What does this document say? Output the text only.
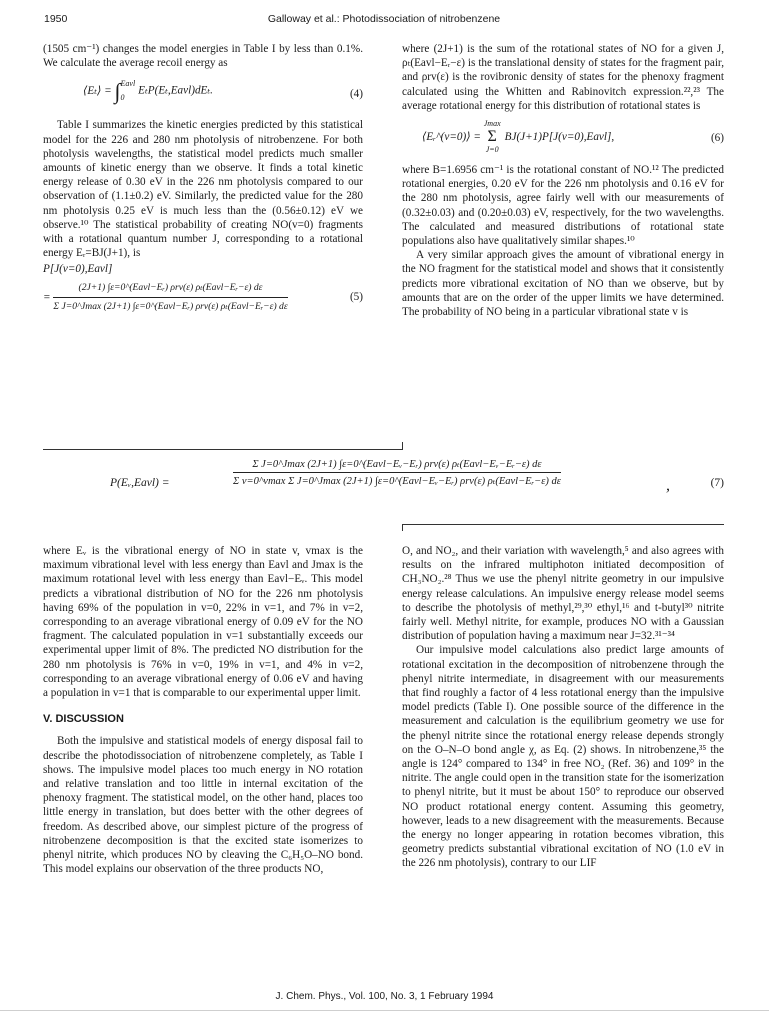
1950	Galloway et al.: Photodissociation of nitrobenzene

(1505 cm⁻¹) changes the model energies in Table I by less than 0.1%. We calculate the average recoil energy as

⟨Eₜ⟩ = ∫ Eavl
0
EₜP(Eₜ,Eavl)dEₜ.	(4)

Table I summarizes the kinetic energies predicted by this statistical model for the 226 and 280 nm photolysis of nitrobenzene. For both photolysis wavelengths, the statistical model predicts much smaller amounts of kinetic energy than we observe. It finds a total kinetic energy release of 0.30 eV in the 226 nm photolysis compared to our observation of (1.1±0.2) eV. Similarly, the predicted value for the 280 nm photolysis 0.25 eV is much less than the (0.56±0.12) eV we observe.¹⁰ The statistical probability of creating NO(v=0) fragments with a rotational quantum number J, corresponding to a rotational energy Eᵣ=BJ(J+1), is

P[J(v=0),Eavl]
= $\frac{\text{(2J+1) ∫ε=0\textasciicircum{}(Eavl−Eᵣ) ρrv(ε) ρₜ(Eavl−Eᵣ−ε) dε}}{\text{Σ J=0\textasciicircum{}Jmax (2J+1) ∫ε=0\textasciicircum{}(Eavl−Eᵣ) ρrv(ε) ρₜ(Eavl−Eᵣ−ε) dε}}$	(5)

where (2J+1) is the sum of the rotational states of NO for a given J, ρₜ(Eavl−Eᵣ−ε) is the translational density of states for the fragment pair, and ρrv(ε) is the rovibronic density of states for the phenoxy fragment calculated using the Whitten and Rabinovitch expression.²²,²³ The average rotational energy for this distribution of rotational states is

⟨Eᵣ^(v=0)⟩ =
Jmax
Σ
J=0
BJ(J+1)P[J(v=0),Eavl],	(6)

where B=1.6956 cm⁻¹ is the rotational constant of NO.¹² The predicted rotational energies, 0.20 eV for the 226 nm photolysis and 0.16 eV for the 280 nm photolysis, agree fairly well with our measurements of (0.32±0.03) and (0.20±0.03) eV, respectively, for the two wavelengths. The calculated and measured distributions of rotational state populations also have qualitatively similar shapes.¹⁰

A very similar approach gives the amount of vibrational energy in the NO fragment for the statistical model and shows that it consistently predicts more vibrational excitation of NO than we observe, but by amounts that are on the order of the upper limits we have determined. The probability of NO being in a particular vibrational state v is

P(Eᵥ,Eavl) =
Σ J=0^Jmax (2J+1) ∫ε=0^(Eavl−Eᵥ−Eᵣ) ρrv(ε) ρₜ(Eavl−Eᵥ−Eᵣ−ε) dε
Σ v=0^vmax Σ J=0^Jmax (2J+1) ∫ε=0^(Eavl−Eᵥ−Eᵣ) ρrv(ε) ρₜ(Eavl−Eᵣ−ε) dε	,	(7)

where Eᵥ is the vibrational energy of NO in state v, vmax is the maximum vibrational level with less energy than Eavl and Jmax is the maximum rotational level with less energy than Eavl−Eᵥ. This model predicts a vibrational distribution of NO for the 226 nm photolysis having 69% of the population in v=0, 22% in v=1, and 7% in v=2, corresponding to an average vibrational energy of 0.09 eV for the NO fragment. The calculated population in v=1 substantially exceeds our experimental upper limit of 8%. The predicted NO distribution for the 280 nm photolysis is 76% in v=0, 19% in v=1, and 4% in v=2, corresponding to an average vibrational energy of 0.06 eV and having a population in v=1 that is comparable to our experimental upper limit.

V. DISCUSSION

Both the impulsive and statistical models of energy disposal fail to describe the photodissociation of nitrobenzene completely, as Table I shows. The impulsive model places too much energy in NO rotation and relative translation and too little in internal excitation of the phenoxy fragment. The statistical model, on the other hand, places too little energy in translation, but does better with the other degrees of freedom. As described above, our simplest picture of the progress of nitrobenzene decomposition is that the excited state isomerizes to phenyl nitrite, which produces NO by cleaving the C₆H₅O–NO bond. This model explains our observation of the three products NO,

O, and NO₂, and their variation with wavelength,⁵ and also agrees with results on the infrared multiphoton initiated decomposition of CH₃NO₂.²⁸ Thus we use the phenyl nitrite geometry in our impulsive energy release calculations. An impulsive energy release model seems to describe the photolysis of methyl,²⁹,³⁰ ethyl,¹⁶ and t-butyl³⁰ nitrite fairly well. Methyl nitrite, for example, produces NO with a Gaussian distribution of population having a maximum near J=32.³¹⁻³⁴

Our impulsive model calculations also predict large amounts of rotational excitation in the decomposition of nitrobenzene through the phenyl nitrite intermediate, in disagreement with our measurements that find roughly a factor of 4 less rotational energy than the impulsive model predicts (Table I). One possible source of the difference in the measurement and calculation is the equilibrium geometry we use for the phenyl nitrite since the rotational energy release depends strongly on the O–N–O bond angle χ, as Eq. (2) shows. In nitrobenzene,³⁵ the angle is 124° compared to 134° in free NO₂ (Ref. 36) and 109° in the nitrite. The angle could open in the transition state for the isomerization to phenyl nitrite, but it must be about 150° to reproduce our observed NO product rotational energy content. Assuming this geometry, however, leads to a new disagreement with the measurements. Because the energy no longer appearing in rotation becomes vibration, this geometry predicts substantial vibrational excitation of NO (1.0 eV in the 226 nm photolysis), contrary to our LIF

J. Chem. Phys., Vol. 100, No. 3, 1 February 1994
